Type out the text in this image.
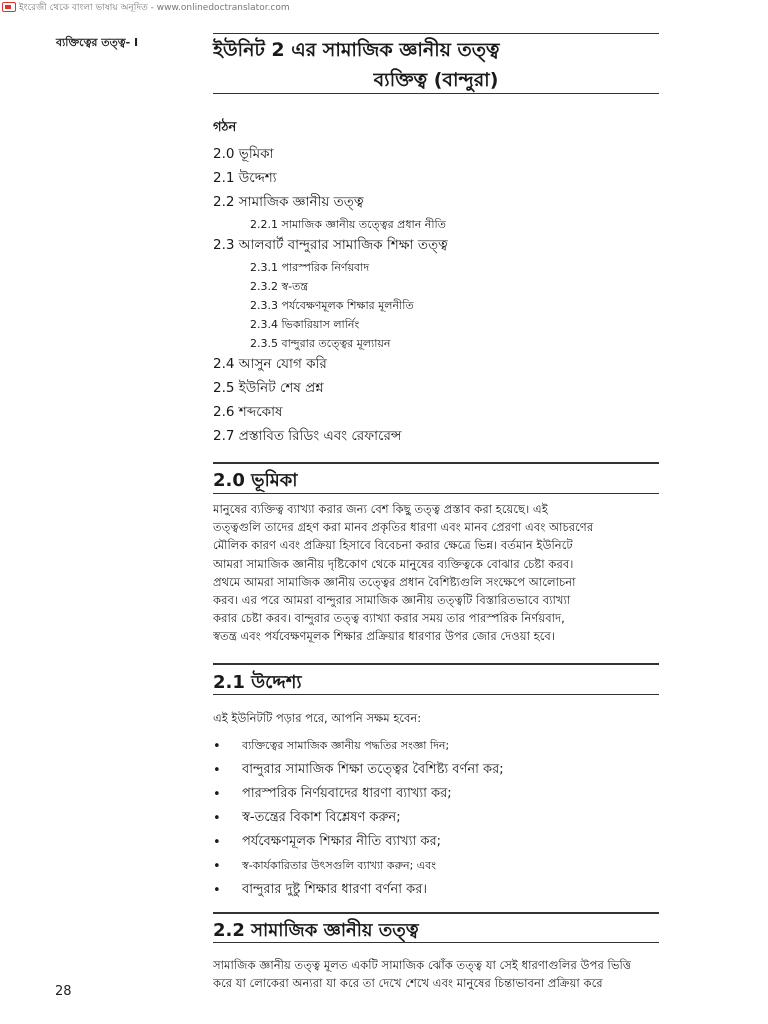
ইংরেজী থেকে বাংলা ভাষায় অনূদিত - www.onlinedoctranslator.com
ব্যক্তিত্বের তত্ত্ব- I	ইউনিট 2 এর সামাজিক জ্ঞানীয় তত্ত্ব
ব্যক্তিত্ব (বান্দুরা)
গঠন
2.0 ভূমিকা
2.1 উদ্দেশ্য
2.2 সামাজিক জ্ঞানীয় তত্ত্ব
2.2.1 সামাজিক জ্ঞানীয় তত্ত্বের প্রধান নীতি
2.3 আলবার্ট বান্দুরার সামাজিক শিক্ষা তত্ত্ব
2.3.1 পারস্পরিক নির্ণয়বাদ
2.3.2 স্ব-তন্ত্র
2.3.3 পর্যবেক্ষণমূলক শিক্ষার মূলনীতি
2.3.4 ভিকারিয়াস লার্নিং
2.3.5 বান্দুরার তত্ত্বের মূল্যায়ন
2.4 আসুন যোগ করি
2.5 ইউনিট শেষ প্রশ্ন
2.6 শব্দকোষ
2.7 প্রস্তাবিত রিডিং এবং রেফারেন্স
2.0 ভূমিকা
মানুষের ব্যক্তিত্ব ব্যাখ্যা করার জন্য বেশ কিছু তত্ত্ব প্রস্তাব করা হয়েছে। এই
তত্ত্বগুলি তাদের গ্রহণ করা মানব প্রকৃতির ধারণা এবং মানব প্রেরণা এবং আচরণের
মৌলিক কারণ এবং প্রক্রিয়া হিসাবে বিবেচনা করার ক্ষেত্রে ভিন্ন। বর্তমান ইউনিটে
আমরা সামাজিক জ্ঞানীয় দৃষ্টিকোণ থেকে মানুষের ব্যক্তিত্বকে বোঝার চেষ্টা করব।
প্রথমে আমরা সামাজিক জ্ঞানীয় তত্ত্বের প্রধান বৈশিষ্ট্যগুলি সংক্ষেপে আলোচনা
করব। এর পরে আমরা বান্দুরার সামাজিক জ্ঞানীয় তত্ত্বটি বিস্তারিতভাবে ব্যাখ্যা
করার চেষ্টা করব। বান্দুরার তত্ত্ব ব্যাখ্যা করার সময় তার পারস্পরিক নির্ণয়বাদ,
স্বতন্ত্র এবং পর্যবেক্ষণমূলক শিক্ষার প্রক্রিয়ার ধারণার উপর জোর দেওয়া হবে।
2.1 উদ্দেশ্য
এই ইউনিটটি পড়ার পরে, আপনি সক্ষম হবেন:
•	ব্যক্তিত্বের সামাজিক জ্ঞানীয় পদ্ধতির সংজ্ঞা দিন;
•	বান্দুরার সামাজিক শিক্ষা তত্ত্বের বৈশিষ্ট্য বর্ণনা কর;
•	পারস্পরিক নির্ণয়বাদের ধারণা ব্যাখ্যা কর;
•	স্ব-তন্ত্রের বিকাশ বিশ্লেষণ করুন;
•	পর্যবেক্ষণমূলক শিক্ষার নীতি ব্যাখ্যা কর;
•	স্ব-কার্যকারিতার উৎসগুলি ব্যাখ্যা করুন; এবং
•	বান্দুরার দুষ্টু শিক্ষার ধারণা বর্ণনা কর।
2.2 সামাজিক জ্ঞানীয় তত্ত্ব
সামাজিক জ্ঞানীয় তত্ত্ব মূলত একটি সামাজিক ঝোঁক তত্ত্ব যা সেই ধারণাগুলির উপর ভিত্তি
করে যা লোকেরা অন্যরা যা করে তা দেখে শেখে এবং মানুষের চিন্তাভাবনা প্রক্রিয়া করে
28
